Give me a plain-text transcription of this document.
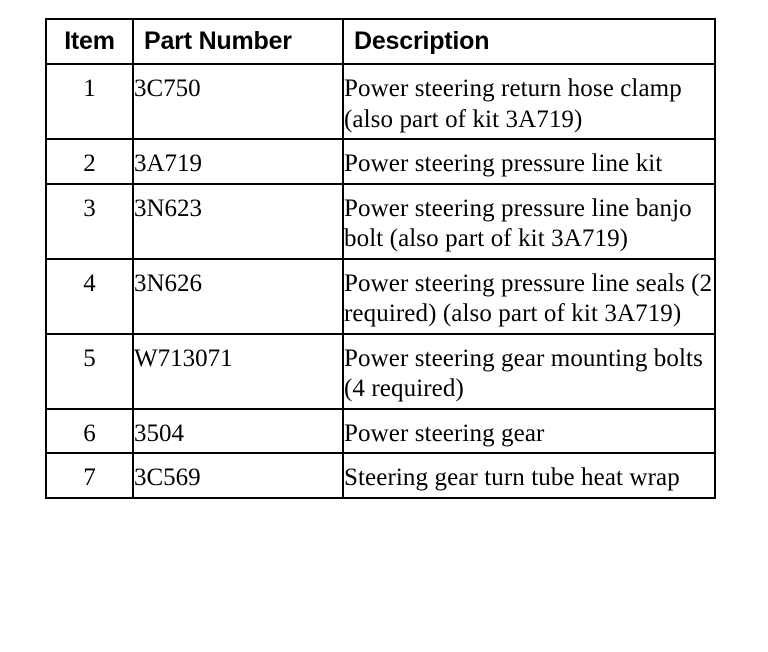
Item	Part Number	Description
1	3C750	Power steering return hose clamp (also part of kit 3A719)
2	3A719	Power steering pressure line kit
3	3N623	Power steering pressure line banjo bolt (also part of kit 3A719)
4	3N626	Power steering pressure line seals (2 required) (also part of kit 3A719)
5	W713071	Power steering gear mounting bolts (4 required)
6	3504	Power steering gear
7	3C569	Steering gear turn tube heat wrap
